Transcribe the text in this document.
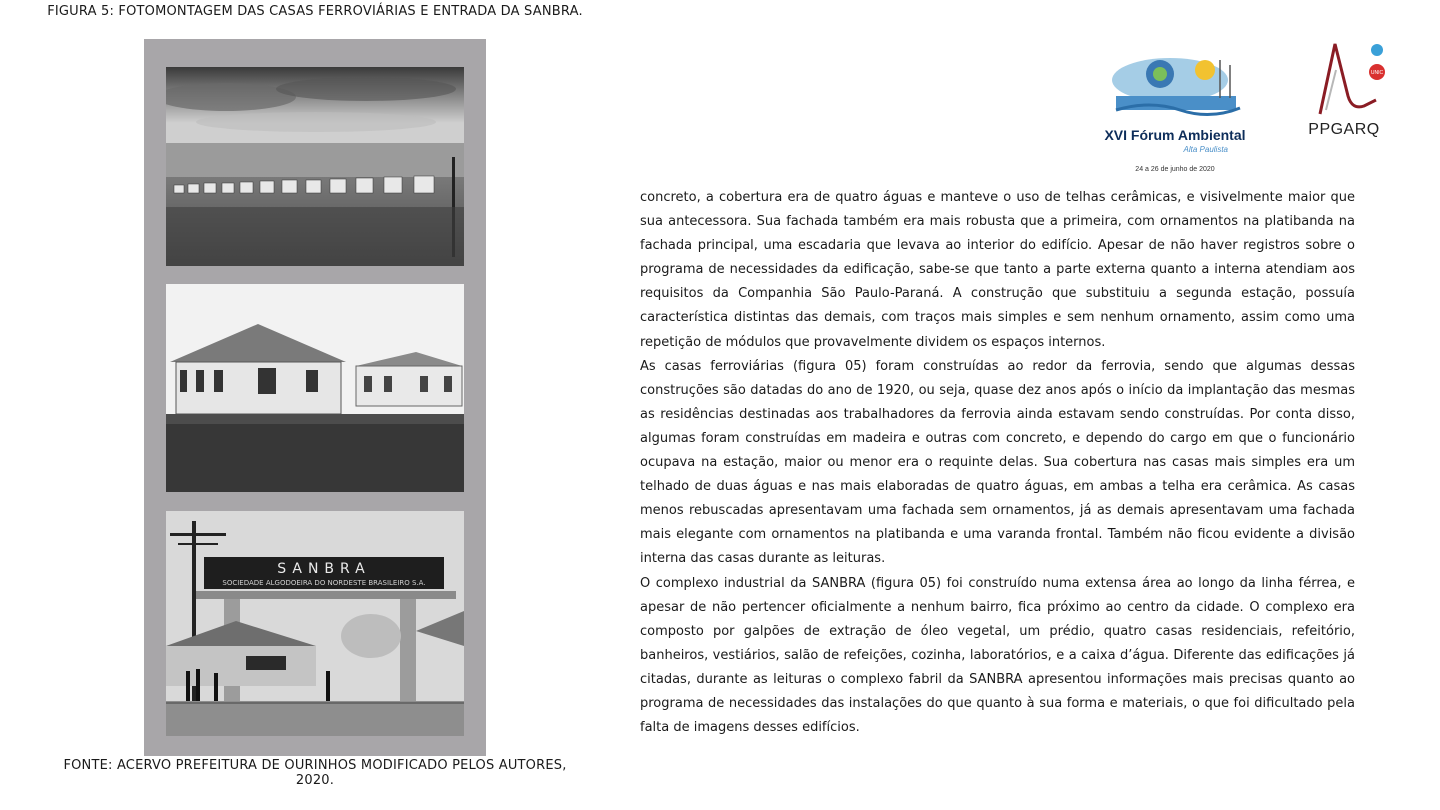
FIGURA 5: FOTOMONTAGEM DAS CASAS FERROVIÁRIAS E ENTRADA DA SANBRA.
SANBRA
SOCIEDADE ALGODOEIRA DO NORDESTE BRASILEIRO S.A.
XVI Fórum Ambiental
Alta Paulista
24 a 26 de junho de 2020
UNIC
PPGARQ

concreto, a cobertura era de quatro águas e manteve o uso de telhas cerâmicas, e visivelmente maior que sua antecessora. Sua fachada também era mais robusta que a primeira, com ornamentos na platibanda na fachada principal, uma escadaria que levava ao interior do edifício. Apesar de não haver registros sobre o programa de necessidades da edificação, sabe-se que tanto a parte externa quanto a interna atendiam aos requisitos da Companhia São Paulo-Paraná. A construção que substituiu a segunda estação, possuía característica distintas das demais, com traços mais simples e sem nenhum ornamento, assim como uma repetição de módulos que provavelmente dividem os espaços internos.

As casas ferroviárias (figura 05) foram construídas ao redor da ferrovia, sendo que algumas dessas construções são datadas do ano de 1920, ou seja, quase dez anos após o início da implantação das mesmas as residências destinadas aos trabalhadores da ferrovia ainda estavam sendo construídas. Por conta disso, algumas foram construídas em madeira e outras com concreto, e dependo do cargo em que o funcionário ocupava na estação, maior ou menor era o requinte delas. Sua cobertura nas casas mais simples era um telhado de duas águas e nas mais elaboradas de quatro águas, em ambas a telha era cerâmica. As casas menos rebuscadas apresentavam uma fachada sem ornamentos, já as demais apresentavam uma fachada mais elegante com ornamentos na platibanda e uma varanda frontal. Também não ficou evidente a divisão interna das casas durante as leituras.

O complexo industrial da SANBRA (figura 05) foi construído numa extensa área ao longo da linha férrea, e apesar de não pertencer oficialmente a nenhum bairro, fica próximo ao centro da cidade. O complexo era composto por galpões de extração de óleo vegetal, um prédio, quatro casas residenciais, refeitório, banheiros, vestiários, salão de refeições, cozinha, laboratórios, e a caixa d’água. Diferente das edificações já citadas, durante as leituras o complexo fabril da SANBRA apresentou informações mais precisas quanto ao programa de necessidades das instalações do que quanto à sua forma e materiais, o que foi dificultado pela falta de imagens desses edifícios.

FONTE: ACERVO PREFEITURA DE OURINHOS MODIFICADO PELOS AUTORES, 2020.
